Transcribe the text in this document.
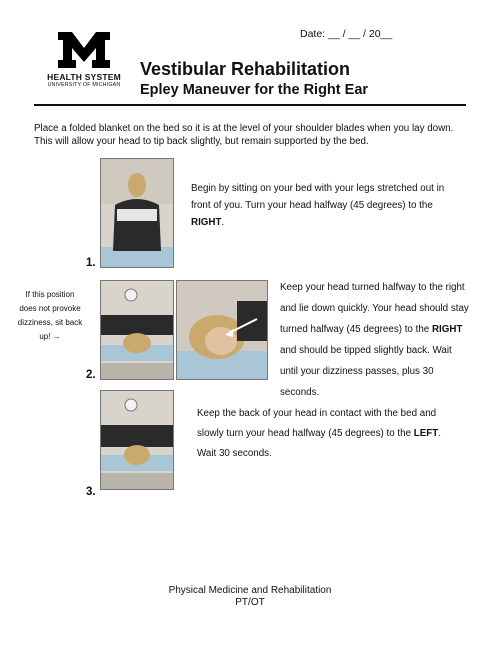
Date: __ / __ / 20__
HEALTH SYSTEM
UNIVERSITY OF MICHIGAN
Vestibular Rehabilitation
Epley Maneuver for the Right Ear
Place a folded blanket on the bed so it is at the level of your shoulder blades when you lay down. This will allow your head to tip back slightly, but remain supported by the bed.
Begin by sitting on your bed with your legs stretched out in front of you. Turn your head halfway (45 degrees) to the RIGHT.
1.
If this position does not provoke dizziness, sit back up! →
Keep your head turned halfway to the right and lie down quickly. Your head should stay turned halfway (45 degrees) to the RIGHT and should be tipped slightly back. Wait until your dizziness passes, plus 30 seconds.
2.
Keep the back of your head in contact with the bed and slowly turn your head halfway (45 degrees) to the LEFT. Wait 30 seconds.
3.
Physical Medicine and Rehabilitation
PT/OT
